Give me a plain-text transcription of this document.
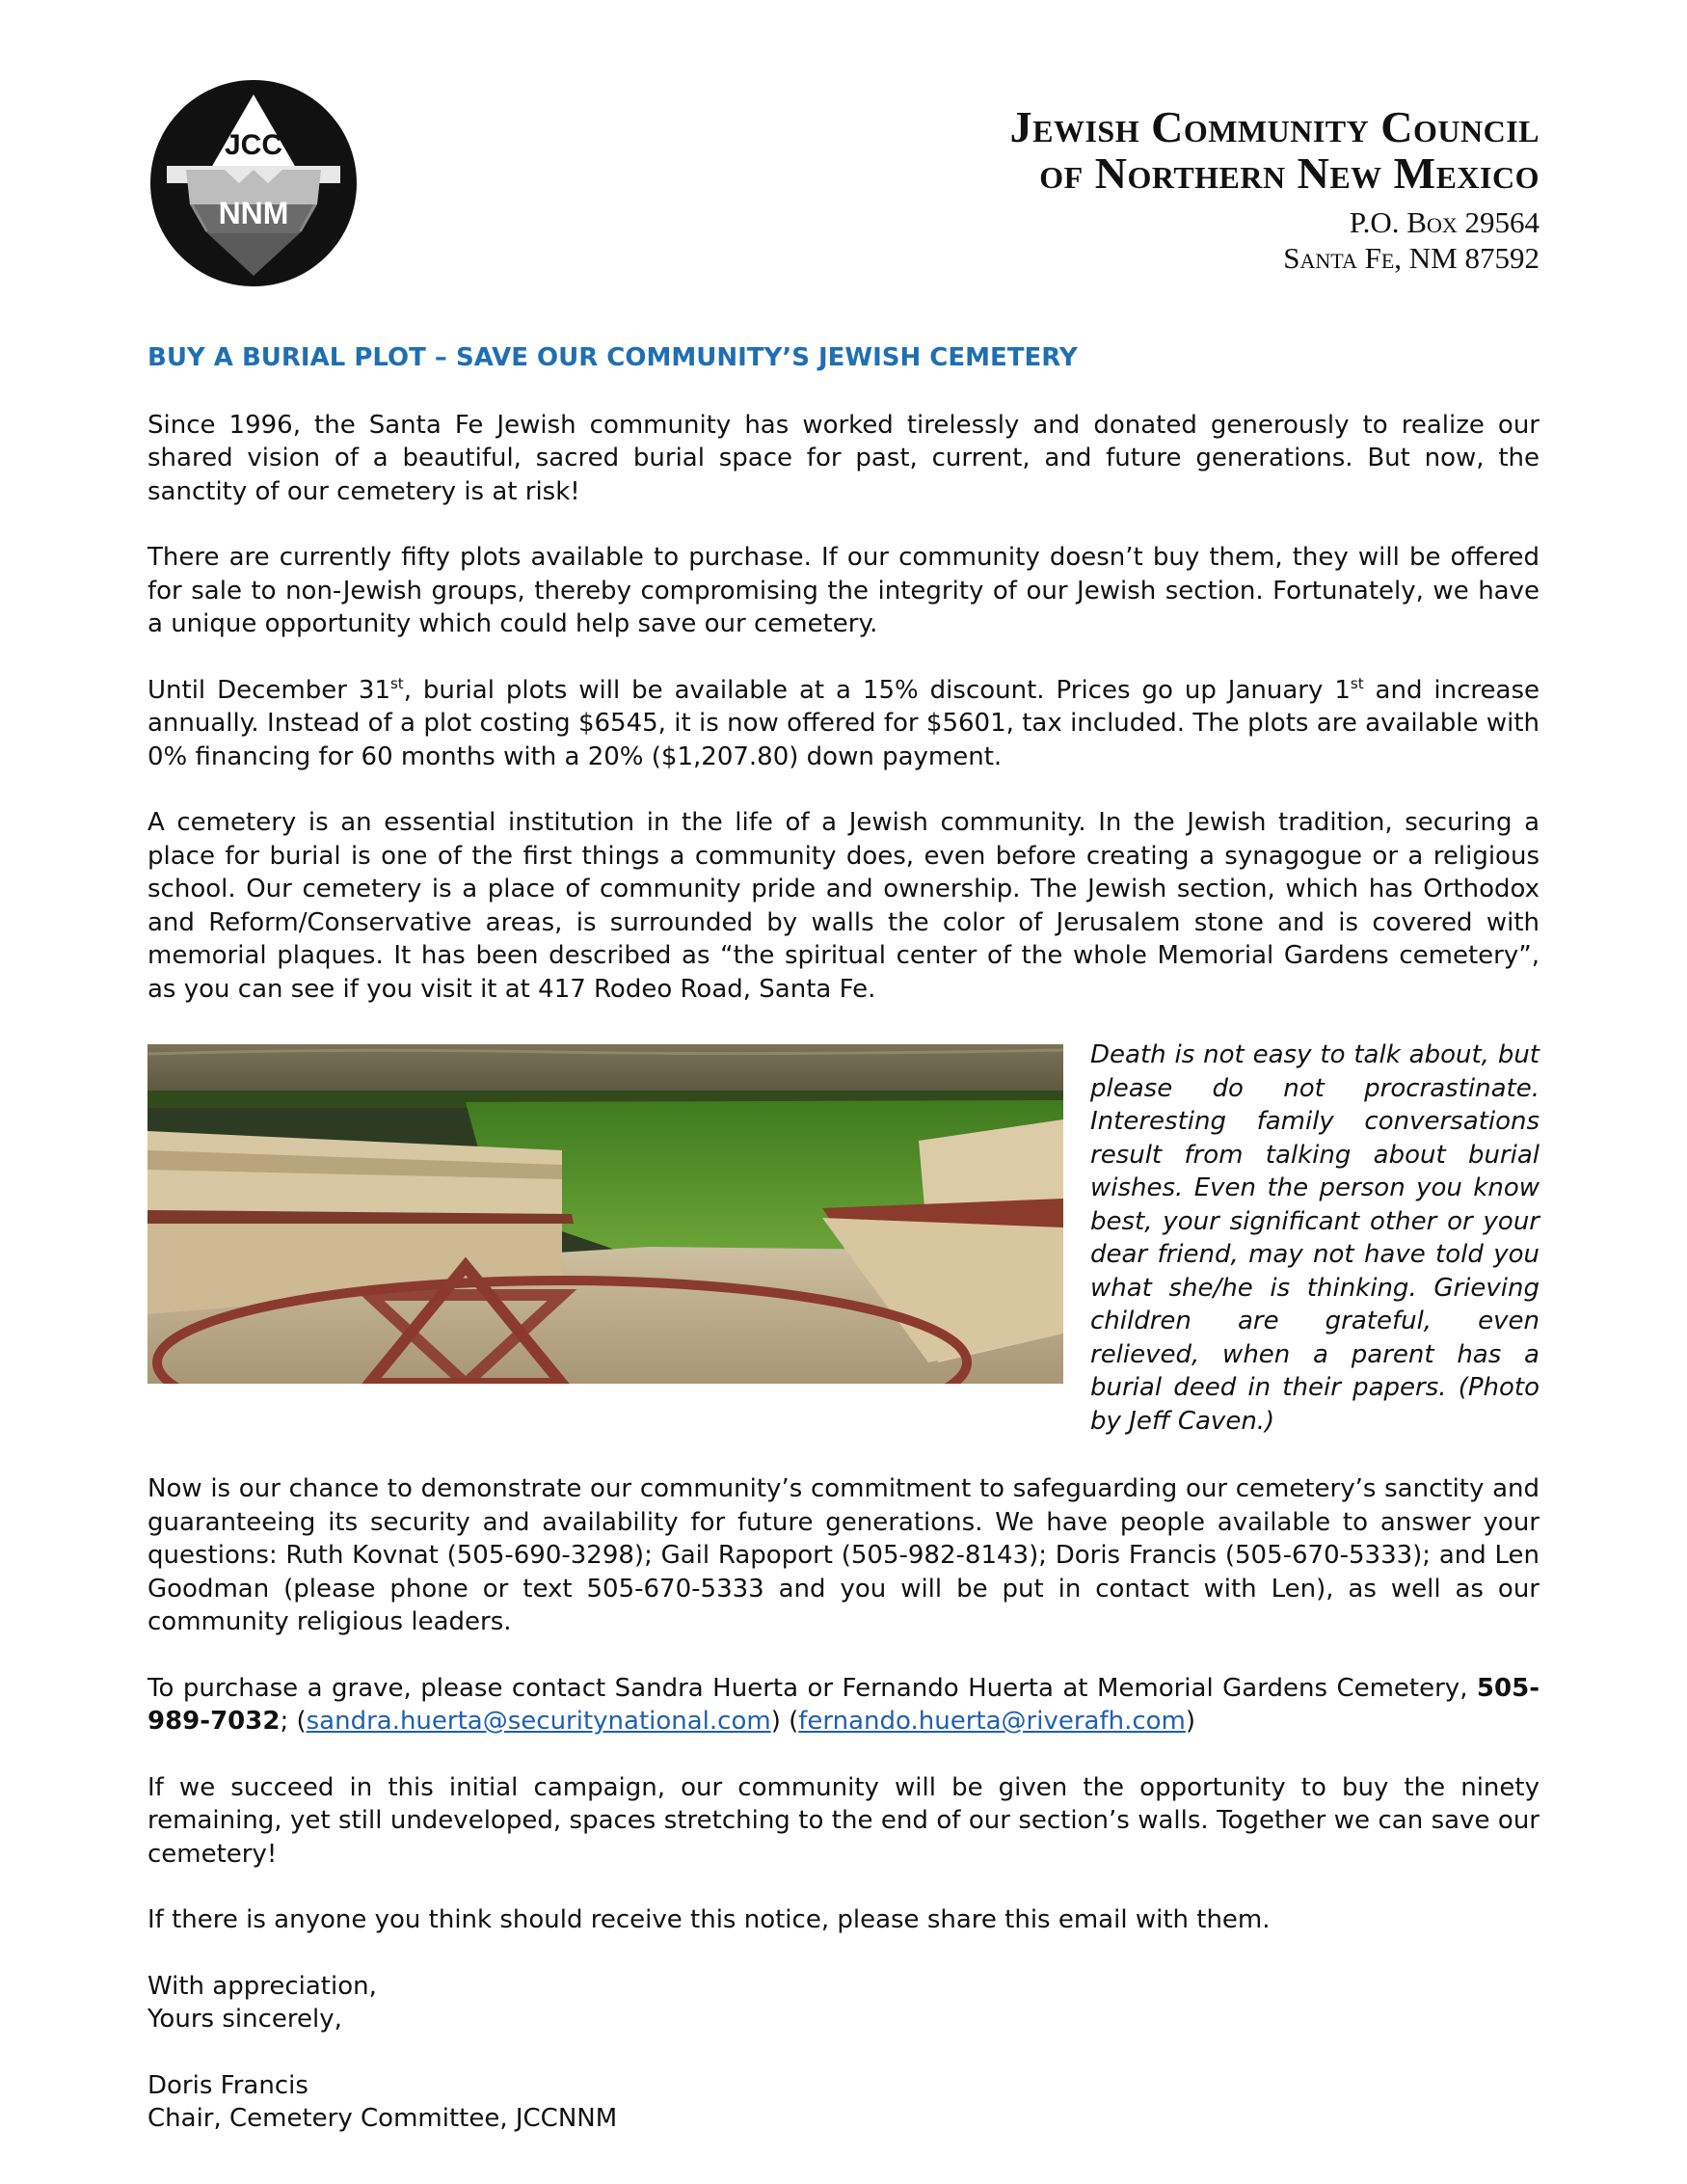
JCC
NNM
Jewish Community Council
of Northern New Mexico
P.O. Box 29564
Santa Fe, NM 87592
BUY A BURIAL PLOT – SAVE OUR COMMUNITY’S JEWISH CEMETERY

Since 1996, the Santa Fe Jewish community has worked tirelessly and donated generously to realize our shared vision of a beautiful, sacred burial space for past, current, and future generations. But now, the sanctity of our cemetery is at risk!

There are currently fifty plots available to purchase. If our community doesn’t buy them, they will be offered for sale to non-Jewish groups, thereby compromising the integrity of our Jewish section. Fortunately, we have a unique opportunity which could help save our cemetery.

Until December 31st, burial plots will be available at a 15% discount. Prices go up January 1st and increase annually. Instead of a plot costing $6545, it is now offered for $5601, tax included. The plots are available with 0% financing for 60 months with a 20% ($1,207.80) down payment.

A cemetery is an essential institution in the life of a Jewish community. In the Jewish tradition, securing a place for burial is one of the first things a community does, even before creating a synagogue or a religious school. Our cemetery is a place of community pride and ownership. The Jewish section, which has Orthodox and Reform/Conservative areas, is surrounded by walls the color of Jerusalem stone and is covered with memorial plaques. It has been described as “the spiritual center of the whole Memorial Gardens cemetery”, as you can see if you visit it at 417 Rodeo Road, Santa Fe.

Death is not easy to talk about, but please do not procrastinate. Interesting family conversations result from talking about burial wishes. Even the person you know best, your significant other or your dear friend, may not have told you what she/he is thinking. Grieving children are grateful, even relieved, when a parent has a burial deed in their papers. (Photo by Jeff Caven.)

Now is our chance to demonstrate our community’s commitment to safeguarding our cemetery’s sanctity and guaranteeing its security and availability for future generations. We have people available to answer your questions: Ruth Kovnat (505-690-3298); Gail Rapoport (505-982-8143); Doris Francis (505-670-5333); and Len Goodman (please phone or text 505-670-5333 and you will be put in contact with Len), as well as our community religious leaders.

To purchase a grave, please contact Sandra Huerta or Fernando Huerta at Memorial Gardens Cemetery, 505-989-7032; (sandra.huerta@securitynational.com) (fernando.huerta@riverafh.com)

If we succeed in this initial campaign, our community will be given the opportunity to buy the ninety remaining, yet still undeveloped, spaces stretching to the end of our section’s walls. Together we can save our cemetery!

If there is anyone you think should receive this notice, please share this email with them.

With appreciation,

Yours sincerely,

Doris Francis

Chair, Cemetery Committee, JCCNNM
